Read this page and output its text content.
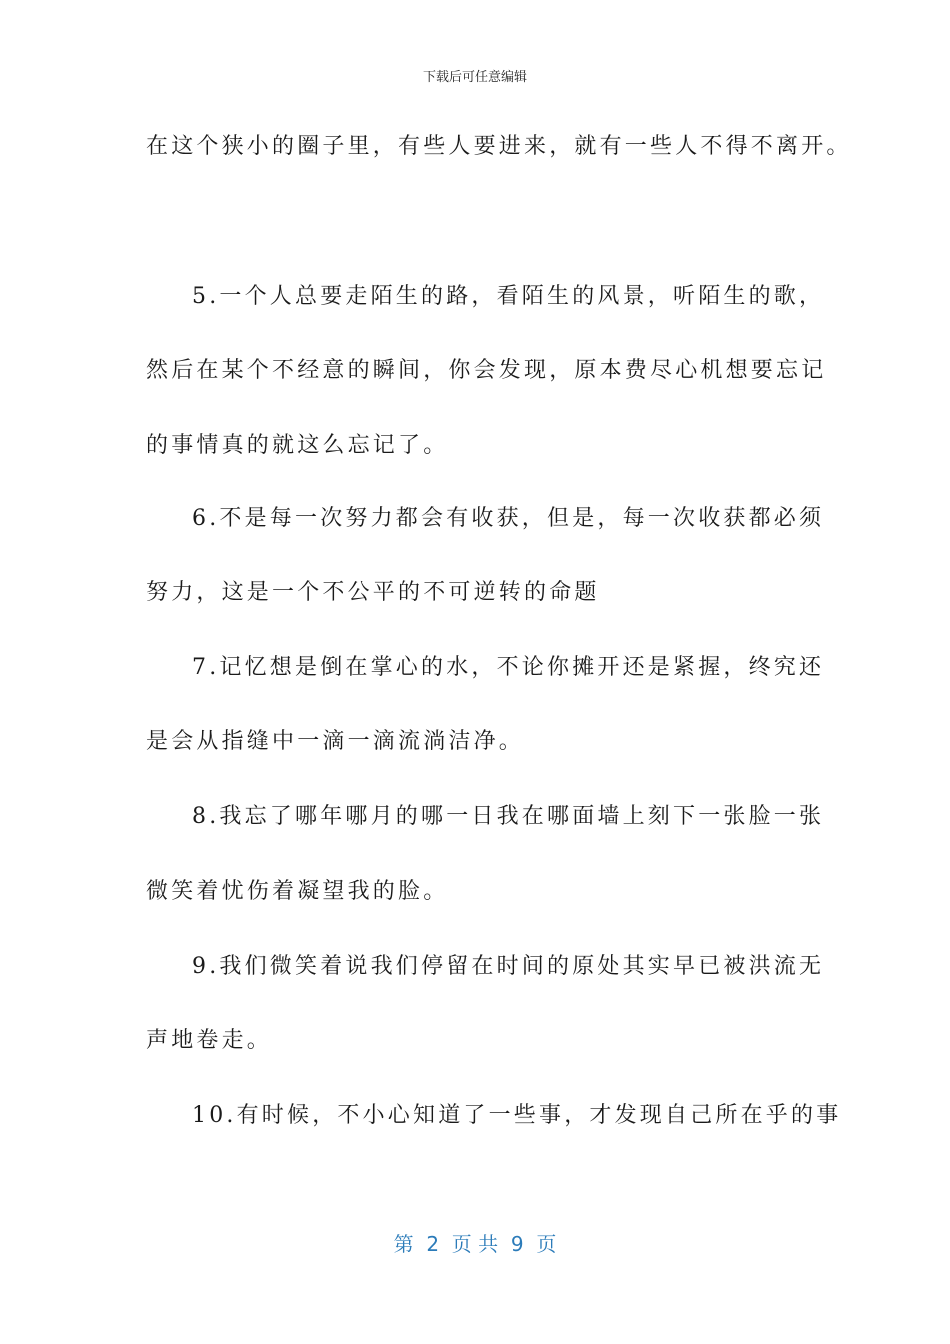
下载后可任意编辑
在这个狭小的圈子里，有些人要进来，就有一些人不得不离开。
5.一个人总要走陌生的路，看陌生的风景，听陌生的歌，
然后在某个不经意的瞬间，你会发现，原本费尽心机想要忘记
的事情真的就这么忘记了。
6.不是每一次努力都会有收获，但是，每一次收获都必须
努力，这是一个不公平的不可逆转的命题
7.记忆想是倒在掌心的水，不论你摊开还是紧握，终究还
是会从指缝中一滴一滴流淌洁净。
8.我忘了哪年哪月的哪一日我在哪面墙上刻下一张脸一张
微笑着忧伤着凝望我的脸。
9.我们微笑着说我们停留在时间的原处其实早已被洪流无
声地卷走。
10.有时候，不小心知道了一些事，才发现自己所在乎的事
第  2  页 共  9  页
